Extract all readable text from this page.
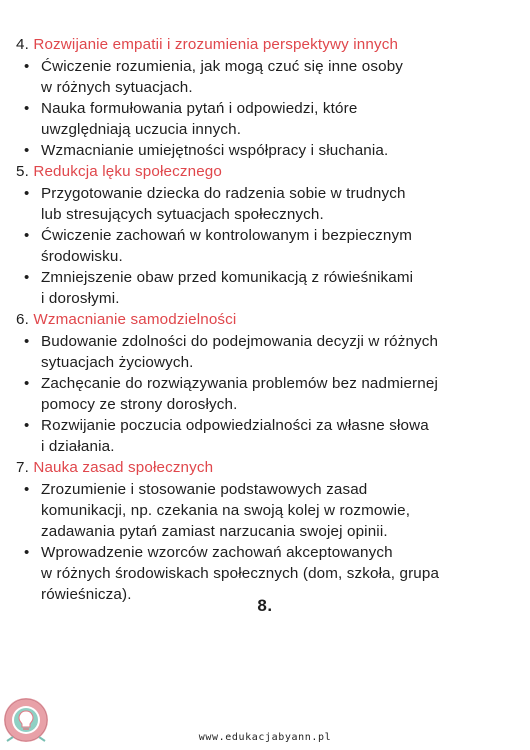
4. Rozwijanie empatii i zrozumienia perspektywy innych
• Ćwiczenie rozumienia, jak mogą czuć się inne osoby
w różnych sytuacjach.
• Nauka formułowania pytań i odpowiedzi, które
uwzględniają uczucia innych.
• Wzmacnianie umiejętności współpracy i słuchania.
5. Redukcja lęku społecznego
• Przygotowanie dziecka do radzenia sobie w trudnych
lub stresujących sytuacjach społecznych.
• Ćwiczenie zachowań w kontrolowanym i bezpiecznym
środowisku.
• Zmniejszenie obaw przed komunikacją z rówieśnikami
i dorosłymi.
6. Wzmacnianie samodzielności
• Budowanie zdolności do podejmowania decyzji w różnych
sytuacjach życiowych.
• Zachęcanie do rozwiązywania problemów bez nadmiernej
pomocy ze strony dorosłych.
• Rozwijanie poczucia odpowiedzialności za własne słowa
i działania.
7. Nauka zasad społecznych
• Zrozumienie i stosowanie podstawowych zasad
komunikacji, np. czekania na swoją kolej w rozmowie,
zadawania pytań zamiast narzucania swojej opinii.
• Wprowadzenie wzorców zachowań akceptowanych
w różnych środowiskach społecznych (dom, szkoła, grupa
rówieśnicza).
8.
www.edukacjabyann.pl
